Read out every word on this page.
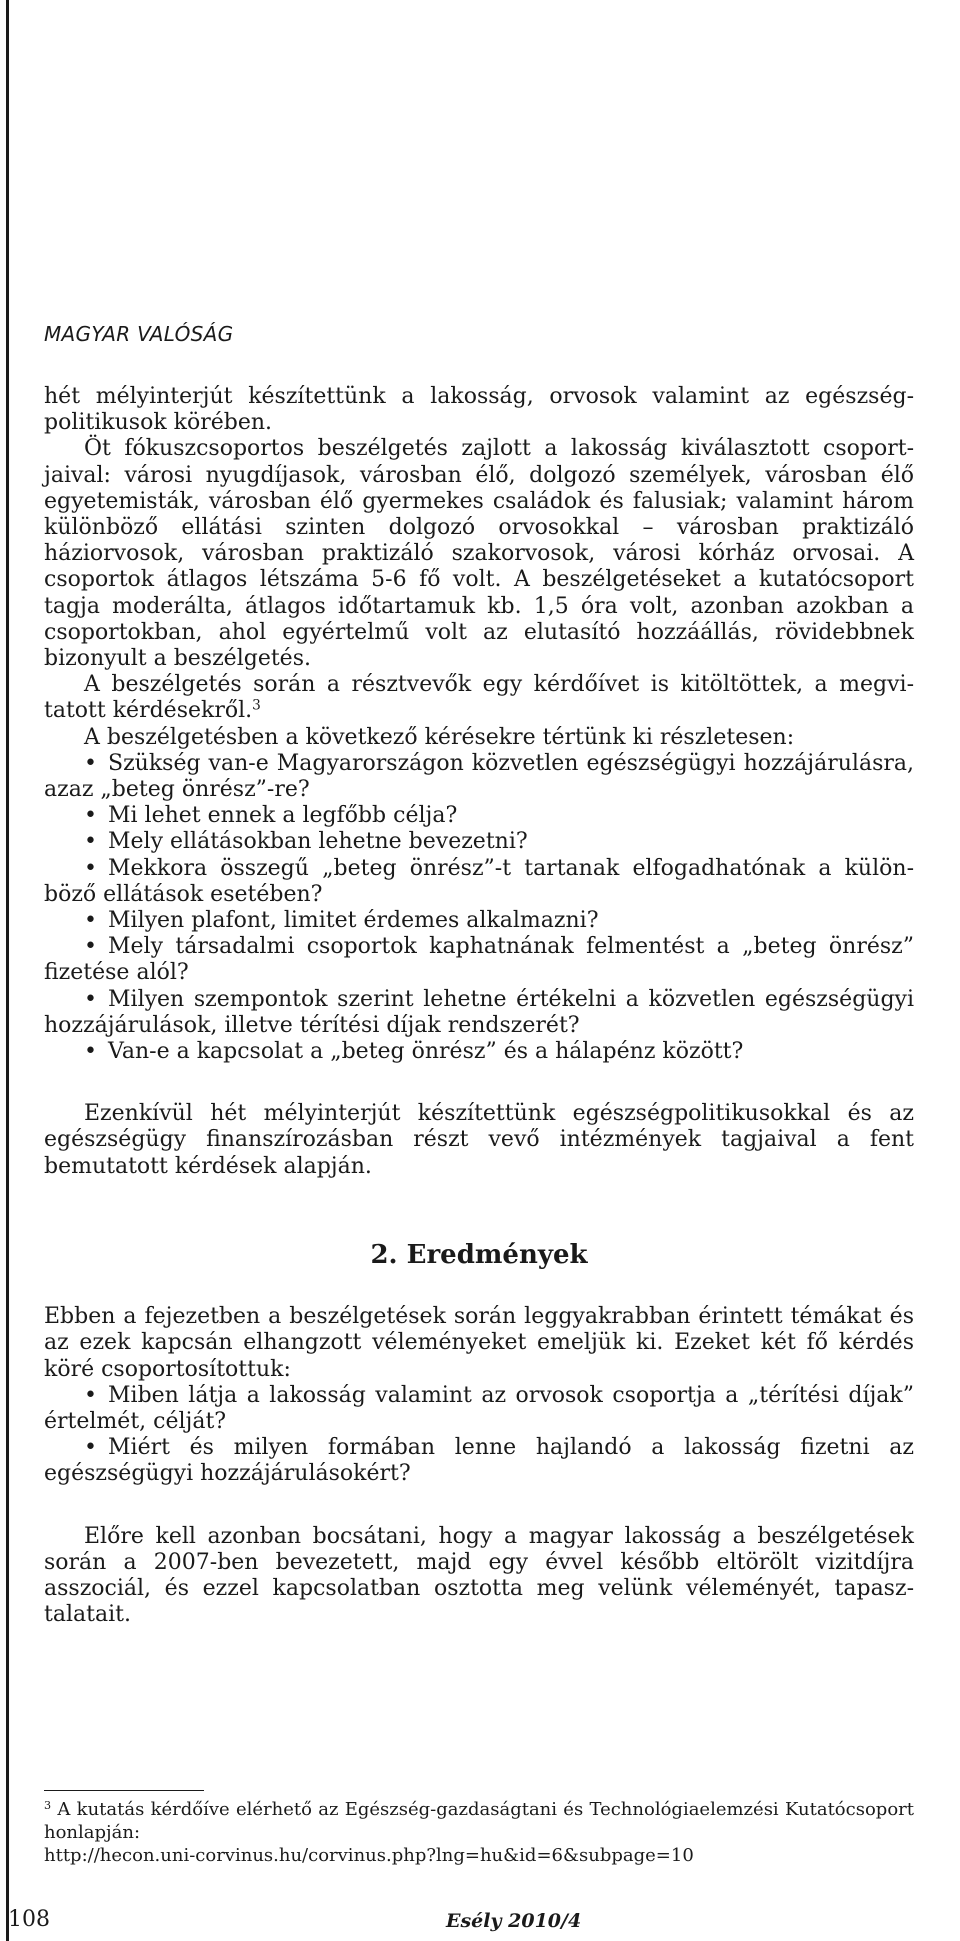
MAGYAR VALÓSÁG

hét mélyinterjút készítettünk a lakosság, orvosok valamint az egészségpolitikusok körében.

Öt fókuszcsoportos beszélgetés zajlott a lakosság kiválasztott csoportjaival: városi nyugdíjasok, városban élő, dolgozó személyek, városban élő egyetemisták, városban élő gyermekes családok és falusiak; valamint három különböző ellátási szinten dolgozó orvosokkal – városban praktizáló háziorvosok, városban praktizáló szakorvosok, városi kórház orvosai. A csoportok átlagos létszáma 5-6 fő volt. A beszélgetéseket a kutatócsoport tagja moderálta, átlagos időtartamuk kb. 1,5 óra volt, azonban azokban a csoportokban, ahol egyértelmű volt az elutasító hozzáállás, rövidebbnek bizonyult a beszélgetés.

A beszélgetés során a résztvevők egy kérdőívet is kitöltöttek, a megvitatott kérdésekről.$^3$

A beszélgetésben a következő kérésekre tértünk ki részletesen:

• Szükség van-e Magyarországon közvetlen egészségügyi hozzájárulásra, azaz „beteg önrész”-re?

• Mi lehet ennek a legfőbb célja?

• Mely ellátásokban lehetne bevezetni?

• Mekkora összegű „beteg önrész”-t tartanak elfogadhatónak a különböző ellátások esetében?

• Milyen plafont, limitet érdemes alkalmazni?

• Mely társadalmi csoportok kaphatnának felmentést a „beteg önrész” fizetése alól?

• Milyen szempontok szerint lehetne értékelni a közvetlen egészségügyi hozzájárulások, illetve térítési díjak rendszerét?

• Van-e a kapcsolat a „beteg önrész” és a hálapénz között?

Ezenkívül hét mélyinterjút készítettünk egészségpolitikusokkal és az egészségügy finanszírozásban részt vevő intézmények tagjaival a fent bemutatott kérdések alapján.

2. Eredmények

Ebben a fejezetben a beszélgetések során leggyakrabban érintett témákat és az ezek kapcsán elhangzott véleményeket emeljük ki. Ezeket két fő kérdés köré csoportosítottuk:

• Miben látja a lakosság valamint az orvosok csoportja a „térítési díjak” értelmét, célját?

• Miért és milyen formában lenne hajlandó a lakosság fizetni az egészségügyi hozzájárulásokért?

Előre kell azonban bocsátani, hogy a magyar lakosság a beszélgetések során a 2007-ben bevezetett, majd egy évvel később eltörölt vizitdíjra asszociál, és ezzel kapcsolatban osztotta meg velünk véleményét, tapasztalatait.

$^3$ A kutatás kérdőíve elérhető az Egészség-gazdaságtani és Technológiaelemzési Kutatócsoport honlapján:

http://hecon.uni-corvinus.hu/corvinus.php?lng=hu&id=6&subpage=10

108	Esély 2010/4
